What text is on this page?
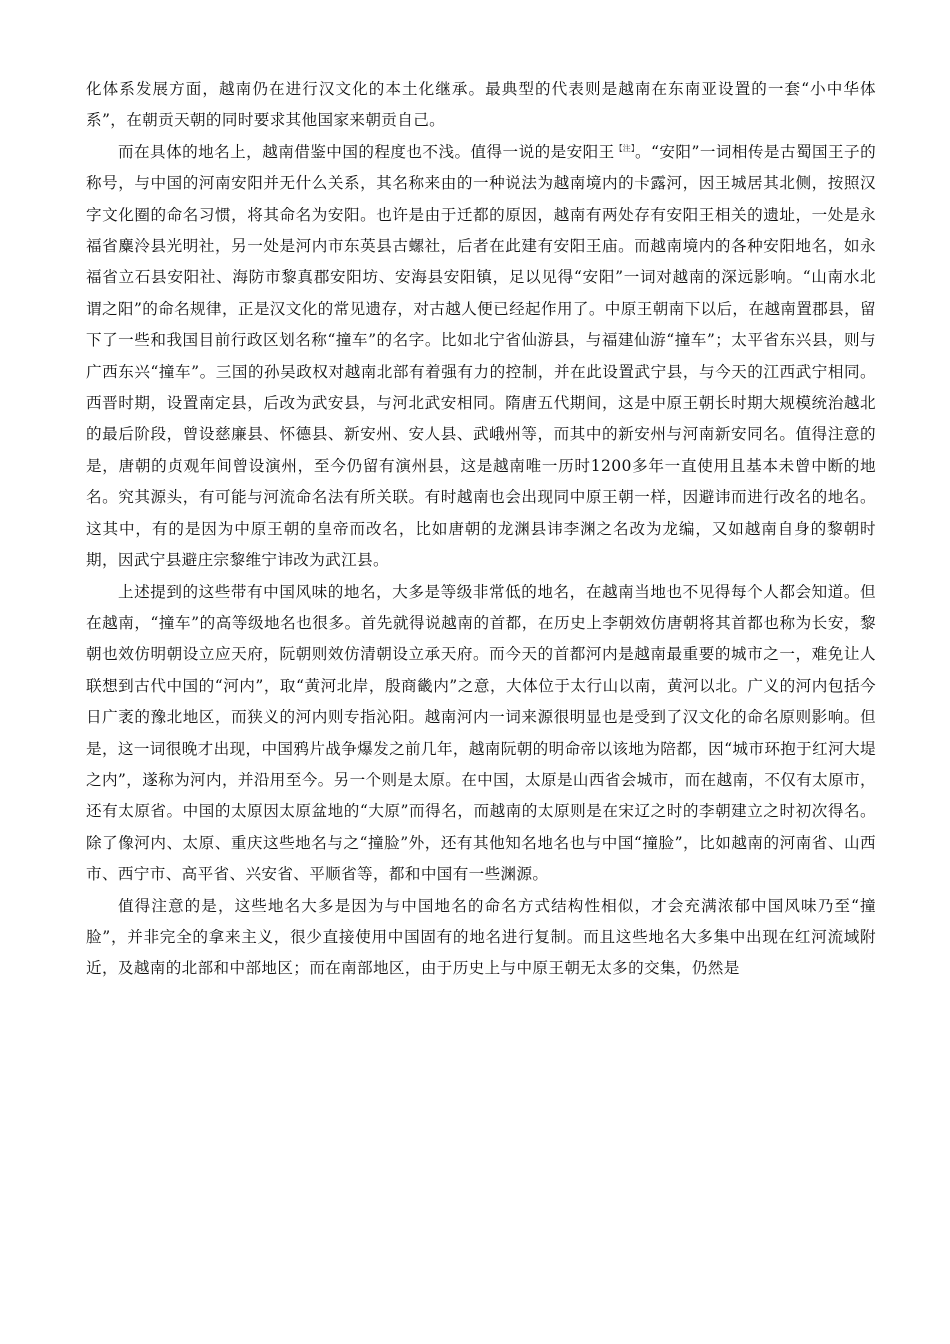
化体系发展方面，越南仍在进行汉文化的本土化继承。最典型的代表则是越南在东南亚设置的一套“小中华体系”，在朝贡天朝的同时要求其他国家来朝贡自己。

而在具体的地名上，越南借鉴中国的程度也不浅。值得一说的是安阳王$^{【注】}$。“安阳”一词相传是古蜀国王子的称号，与中国的河南安阳并无什么关系，其名称来由的一种说法为越南境内的卡露河，因王城居其北侧，按照汉字文化圈的命名习惯，将其命名为安阳。也许是由于迁都的原因，越南有两处存有安阳王相关的遗址，一处是永福省麋泠县光明社，另一处是河内市东英县古螺社，后者在此建有安阳王庙。而越南境内的各种安阳地名，如永福省立石县安阳社、海防市黎真郡安阳坊、安海县安阳镇，足以见得“安阳”一词对越南的深远影响。“山南水北谓之阳”的命名规律，正是汉文化的常见遗存，对古越人便已经起作用了。中原王朝南下以后，在越南置郡县，留下了一些和我国目前行政区划名称“撞车”的名字。比如北宁省仙游县，与福建仙游“撞车”；太平省东兴县，则与广西东兴“撞车”。三国的孙吴政权对越南北部有着强有力的控制，并在此设置武宁县，与今天的江西武宁相同。西晋时期，设置南定县，后改为武安县，与河北武安相同。隋唐五代期间，这是中原王朝长时期大规模统治越北的最后阶段，曾设慈廉县、怀德县、新安州、安人县、武峨州等，而其中的新安州与河南新安同名。值得注意的是，唐朝的贞观年间曾设演州，至今仍留有演州县，这是越南唯一历时1200多年一直使用且基本未曾中断的地名。究其源头，有可能与河流命名法有所关联。有时越南也会出现同中原王朝一样，因避讳而进行改名的地名。这其中，有的是因为中原王朝的皇帝而改名，比如唐朝的龙渊县讳李渊之名改为龙编，又如越南自身的黎朝时期，因武宁县避庄宗黎维宁讳改为武江县。

上述提到的这些带有中国风味的地名，大多是等级非常低的地名，在越南当地也不见得每个人都会知道。但在越南，“撞车”的高等级地名也很多。首先就得说越南的首都，在历史上李朝效仿唐朝将其首都也称为长安，黎朝也效仿明朝设立应天府，阮朝则效仿清朝设立承天府。而今天的首都河内是越南最重要的城市之一，难免让人联想到古代中国的“河内”，取“黄河北岸，殷商畿内”之意，大体位于太行山以南，黄河以北。广义的河内包括今日广袤的豫北地区，而狭义的河内则专指沁阳。越南河内一词来源很明显也是受到了汉文化的命名原则影响。但是，这一词很晚才出现，中国鸦片战争爆发之前几年，越南阮朝的明命帝以该地为陪都，因“城市环抱于红河大堤之内”，遂称为河内，并沿用至今。另一个则是太原。在中国，太原是山西省会城市，而在越南，不仅有太原市，还有太原省。中国的太原因太原盆地的“大原”而得名，而越南的太原则是在宋辽之时的李朝建立之时初次得名。除了像河内、太原、重庆这些地名与之“撞脸”外，还有其他知名地名也与中国“撞脸”，比如越南的河南省、山西市、西宁市、高平省、兴安省、平顺省等，都和中国有一些渊源。

值得注意的是，这些地名大多是因为与中国地名的命名方式结构性相似，才会充满浓郁中国风味乃至“撞脸”，并非完全的拿来主义，很少直接使用中国固有的地名进行复制。而且这些地名大多集中出现在红河流域附近，及越南的北部和中部地区；而在南部地区，由于历史上与中原王朝无太多的交集，仍然是
